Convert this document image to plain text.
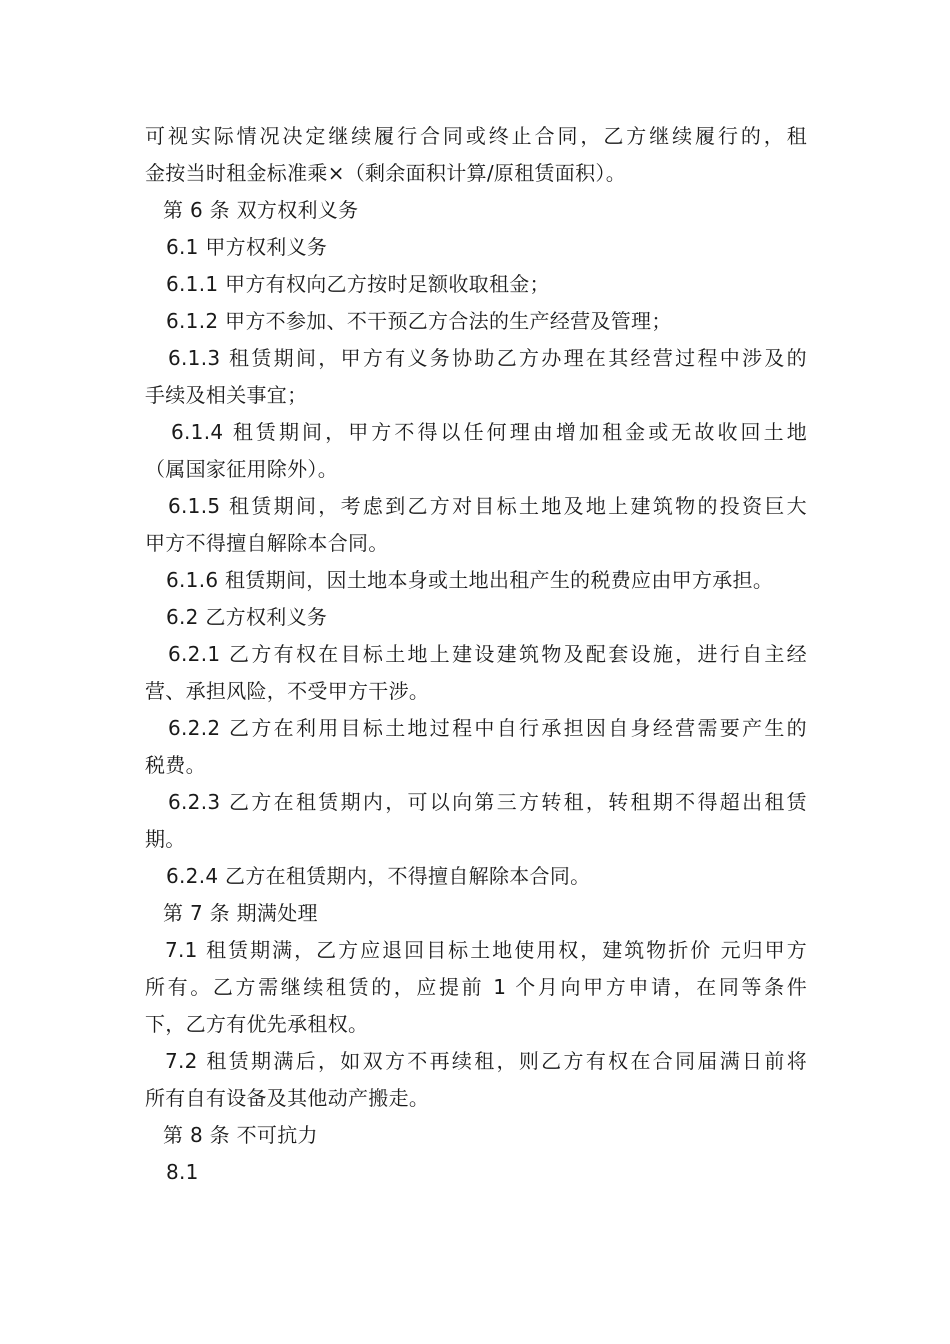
可视实际情况决定继续履行合同或终止合同，乙方继续履行的，租
金按当时租金标准乘×（剩余面积计算/原租赁面积）。
第 6 条 双方权利义务
6.1 甲方权利义务
6.1.1 甲方有权向乙方按时足额收取租金；
6.1.2 甲方不参加、不干预乙方合法的生产经营及管理；
6.1.3 租赁期间，甲方有义务协助乙方办理在其经营过程中涉及的
手续及相关事宜；
6.1.4 租赁期间，甲方不得以任何理由增加租金或无故收回土地
（属国家征用除外）。
6.1.5 租赁期间，考虑到乙方对目标土地及地上建筑物的投资巨大
甲方不得擅自解除本合同。
6.1.6 租赁期间，因土地本身或土地出租产生的税费应由甲方承担。
6.2 乙方权利义务
6.2.1 乙方有权在目标土地上建设建筑物及配套设施，进行自主经
营、承担风险，不受甲方干涉。
6.2.2 乙方在利用目标土地过程中自行承担因自身经营需要产生的
税费。
6.2.3 乙方在租赁期内，可以向第三方转租，转租期不得超出租赁
期。
6.2.4 乙方在租赁期内，不得擅自解除本合同。
第 7 条 期满处理
7.1 租赁期满，乙方应退回目标土地使用权，建筑物折价 元归甲方
所有。乙方需继续租赁的，应提前 1 个月向甲方申请，在同等条件
下，乙方有优先承租权。
7.2 租赁期满后，如双方不再续租，则乙方有权在合同届满日前将
所有自有设备及其他动产搬走。
第 8 条 不可抗力
8.1
